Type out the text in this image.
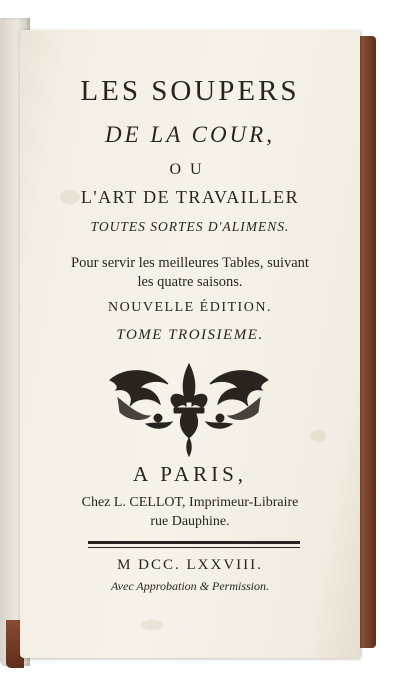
LES SOUPERS
DE LA COUR,
OU
L'ART DE TRAVAILLER
TOUTES SORTES D'ALIMENS.
Pour servir les meilleures Tables, suivant
les quatre saisons.
NOUVELLE ÉDITION.
TOME TROISIEME.
A PARIS,
Chez L. CELLOT, Imprimeur-Libraire
rue Dauphine.
M DCC. LXXVIII.
Avec Approbation & Permission.
